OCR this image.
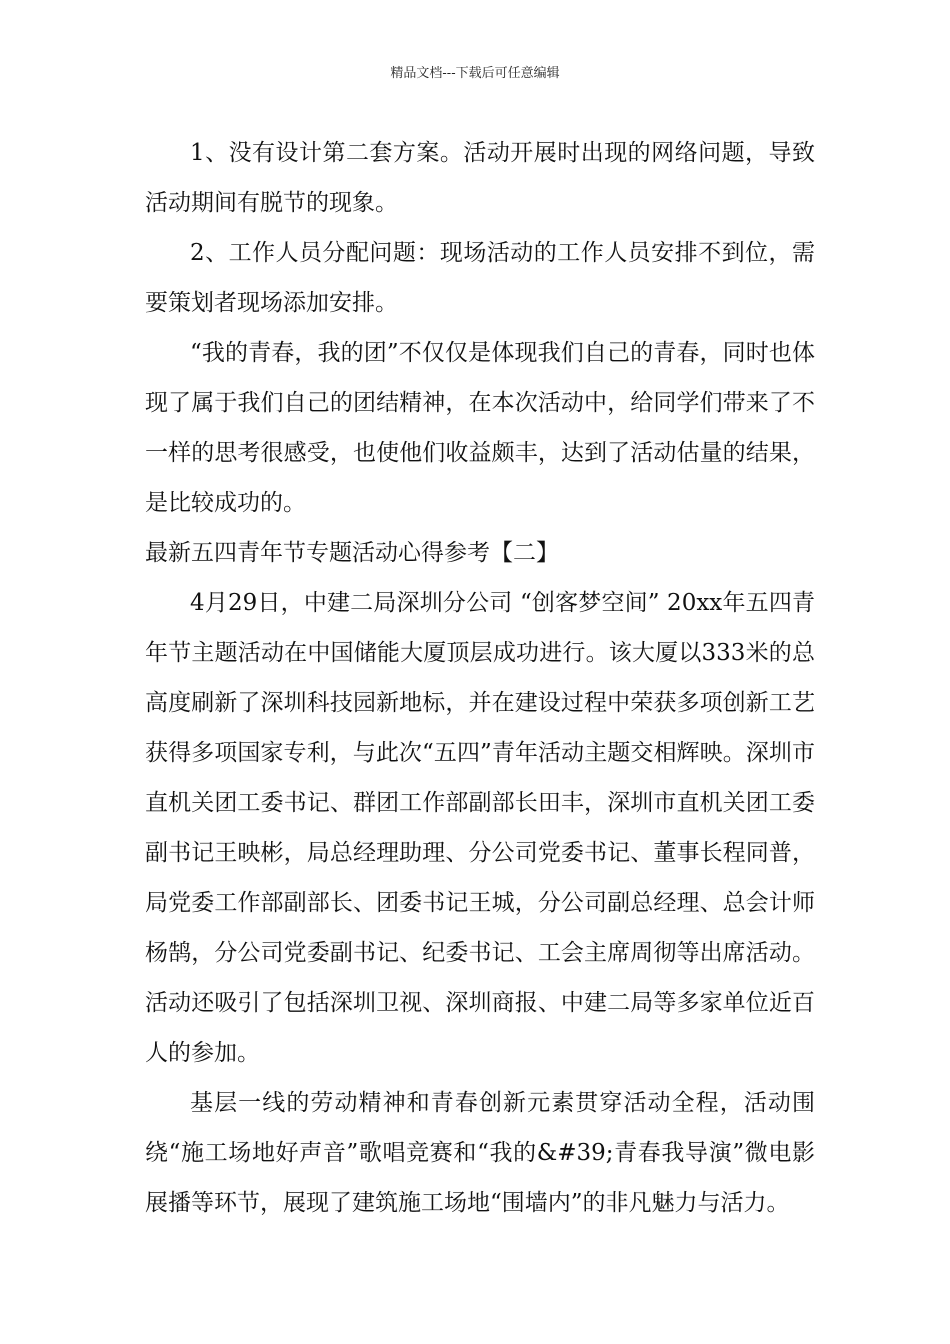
精品文档---下载后可任意编辑

1、没有设计第二套方案。活动开展时出现的网络问题，导致活动期间有脱节的现象。

2、工作人员分配问题：现场活动的工作人员安排不到位，需要策划者现场添加安排。

“我的青春，我的团”不仅仅是体现我们自己的青春，同时也体现了属于我们自己的团结精神，在本次活动中，给同学们带来了不一样的思考很感受，也使他们收益颇丰，达到了活动估量的结果，是比较成功的。

最新五四青年节专题活动心得参考【二】

4月29日，中建二局深圳分公司 “创客梦空间” 20xx年五四青年节主题活动在中国储能大厦顶层成功进行。该大厦以333米的总高度刷新了深圳科技园新地标，并在建设过程中荣获多项创新工艺获得多项国家专利，与此次“五四”青年活动主题交相辉映。深圳市直机关团工委书记、群团工作部副部长田丰，深圳市直机关团工委副书记王映彬，局总经理助理、分公司党委书记、董事长程同普，局党委工作部副部长、团委书记王城，分公司副总经理、总会计师杨鹄，分公司党委副书记、纪委书记、工会主席周彻等出席活动。活动还吸引了包括深圳卫视、深圳商报、中建二局等多家单位近百人的参加。

基层一线的劳动精神和青春创新元素贯穿活动全程，活动围绕“施工场地好声音”歌唱竞赛和“我的&#39;青春我导演”微电影展播等环节，展现了建筑施工场地“围墙内”的非凡魅力与活力。
